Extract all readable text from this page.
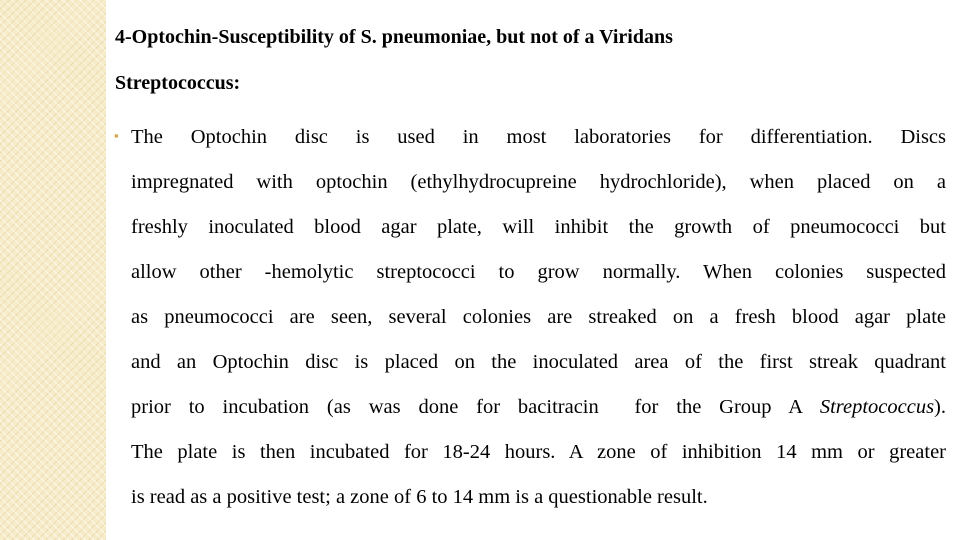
4-Optochin-Susceptibility of S. pneumoniae, but not of a Viridans
Streptococcus:
▪ The Optochin disc is used in most laboratories for differentiation. Discs
impregnated with optochin (ethylhydrocupreine hydrochloride), when placed on a
freshly inoculated blood agar plate, will inhibit the growth of pneumococci but
allow other -hemolytic streptococci to grow normally. When colonies suspected
as pneumococci are seen, several colonies are streaked on a fresh blood agar plate
and an Optochin disc is placed on the inoculated area of the first streak quadrant
prior to incubation (as was done for bacitracin  for the Group A Streptococcus).
The plate is then incubated for 18-24 hours. A zone of inhibition 14 mm or greater
is read as a positive test; a zone of 6 to 14 mm is a questionable result.
